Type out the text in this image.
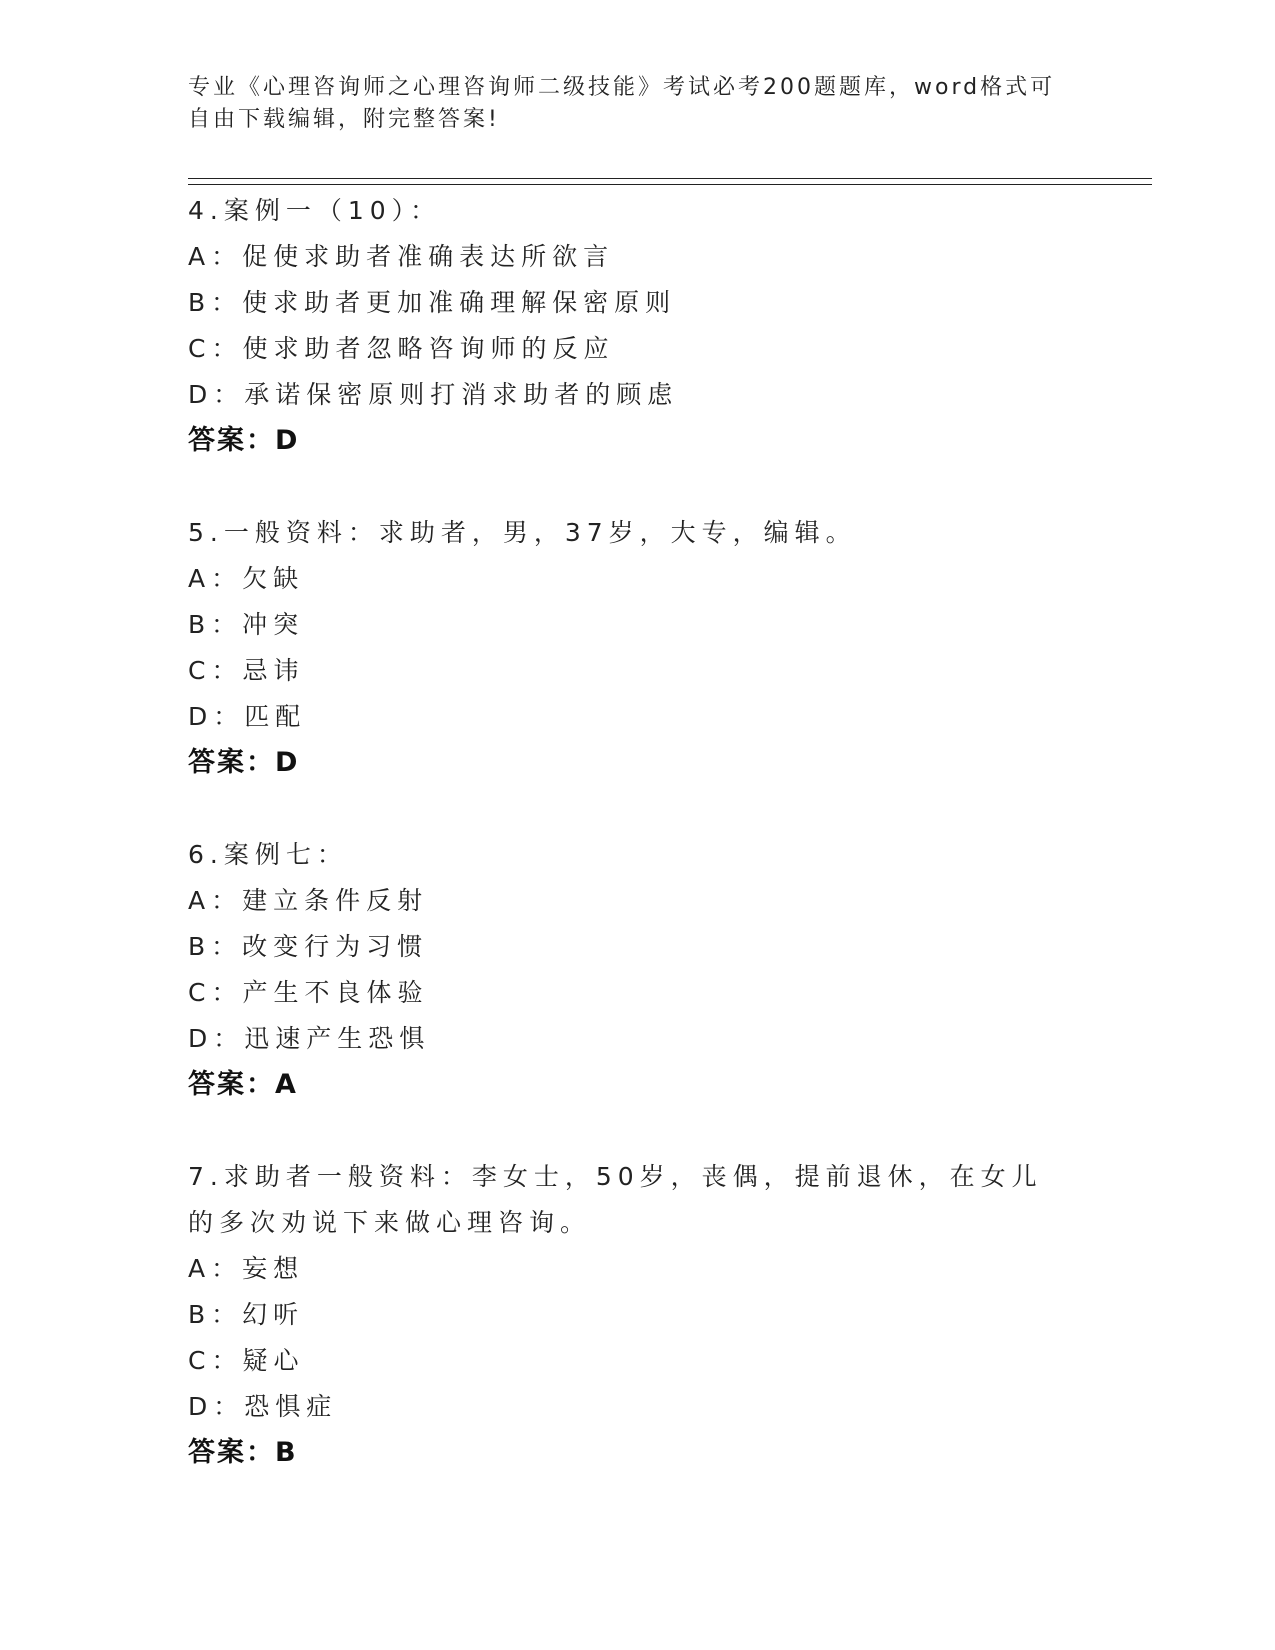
专业《心理咨询师之心理咨询师二级技能》考试必考200题题库，word格式可自由下载编辑，附完整答案!

4.案例一（10）：

A：促使求助者准确表达所欲言

B：使求助者更加准确理解保密原则

C：使求助者忽略咨询师的反应

D：承诺保密原则打消求助者的顾虑

答案：D

5.一般资料：求助者，男，37岁，大专，编辑。

A：欠缺

B：冲突

C：忌讳

D：匹配

答案：D

6.案例七：

A：建立条件反射

B：改变行为习惯

C：产生不良体验

D：迅速产生恐惧

答案：A

7.求助者一般资料：李女士，50岁，丧偶，提前退休，在女儿的多次劝说下来做心理咨询。

A：妄想

B：幻听

C：疑心

D：恐惧症

答案：B
